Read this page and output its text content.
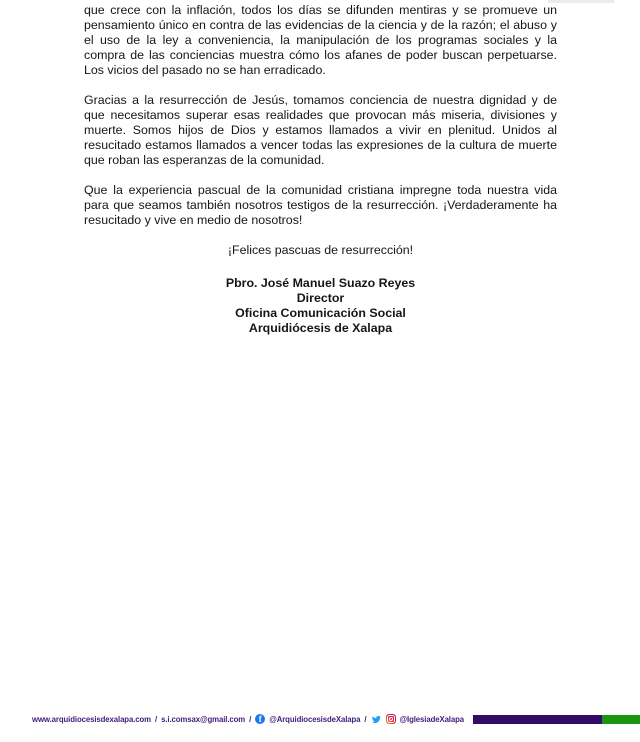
que crece con la inflación, todos los días se difunden mentiras y se promueve un pensamiento único en contra de las evidencias de la ciencia y de la razón; el abuso y el uso de la ley a conveniencia, la manipulación de los programas sociales y la compra de las conciencias muestra cómo los afanes de poder buscan perpetuarse. Los vicios del pasado no se han erradicado.

Gracias a la resurrección de Jesús, tomamos conciencia de nuestra dignidad y de que necesitamos superar esas realidades que provocan más miseria, divisiones y muerte. Somos hijos de Dios y estamos llamados a vivir en plenitud. Unidos al resucitado estamos llamados a vencer todas las expresiones de la cultura de muerte que roban las esperanzas de la comunidad.

Que la experiencia pascual de la comunidad cristiana impregne toda nuestra vida para que seamos también nosotros testigos de la resurrección. ¡Verdaderamente ha resucitado y vive en medio de nosotros!

¡Felices pascuas de resurrección!

Pbro. José Manuel Suazo Reyes
Director
Oficina Comunicación Social
Arquidiócesis de Xalapa
www.arquidiocesisdexalapa.com / s.i.comsax@gmail.com / f @ArquidiocesisdeXalapa /	@IglesiadeXalapa
